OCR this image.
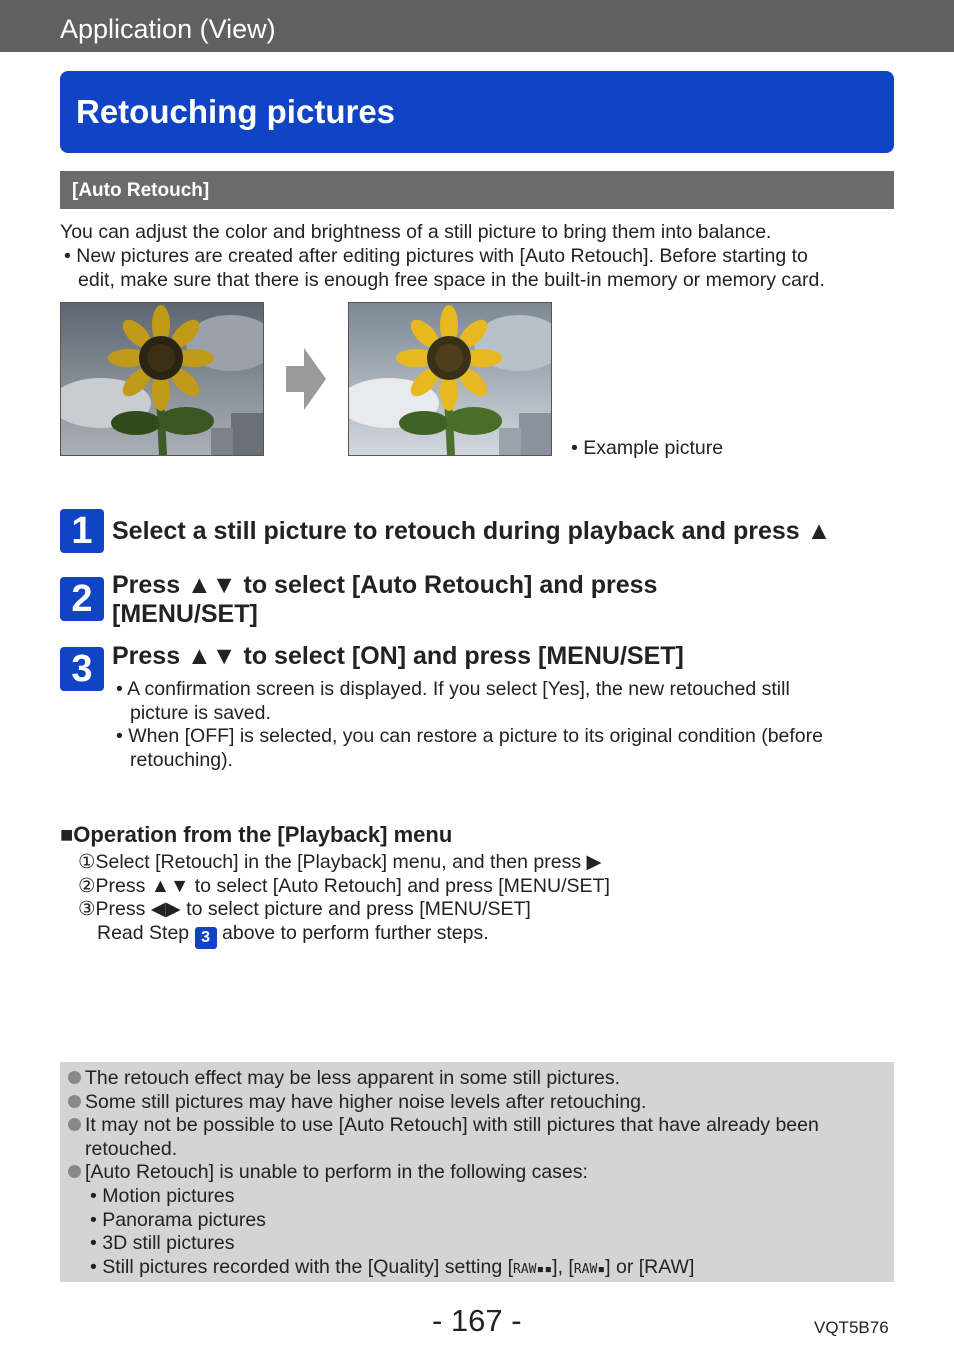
Application (View)
Retouching pictures
[Auto Retouch]
You can adjust the color and brightness of a still picture to bring them into balance.
• New pictures are created after editing pictures with [Auto Retouch]. Before starting to
edit, make sure that there is enough free space in the built-in memory or memory card.
• Example picture
1 Select a still picture to retouch during playback and press ▲
2 Press ▲▼ to select [Auto Retouch] and press
[MENU/SET]
3 Press ▲▼ to select [ON] and press [MENU/SET]
• A confirmation screen is displayed. If you select [Yes], the new retouched still
picture is saved.
• When [OFF] is selected, you can restore a picture to its original condition (before
retouching).
■Operation from the [Playback] menu
①Select [Retouch] in the [Playback] menu, and then press ▶
②Press ▲▼ to select [Auto Retouch] and press [MENU/SET]
③Press ◀▶ to select picture and press [MENU/SET]
Read Step 3 above to perform further steps.
The retouch effect may be less apparent in some still pictures.
Some still pictures may have higher noise levels after retouching.
It may not be possible to use [Auto Retouch] with still pictures that have already been
retouched.
[Auto Retouch] is unable to perform in the following cases:
• Motion pictures
• Panorama pictures
• 3D still pictures
• Still pictures recorded with the [Quality] setting [RAW▪▪], [RAW▪] or [RAW]
- 167 -	VQT5B76
